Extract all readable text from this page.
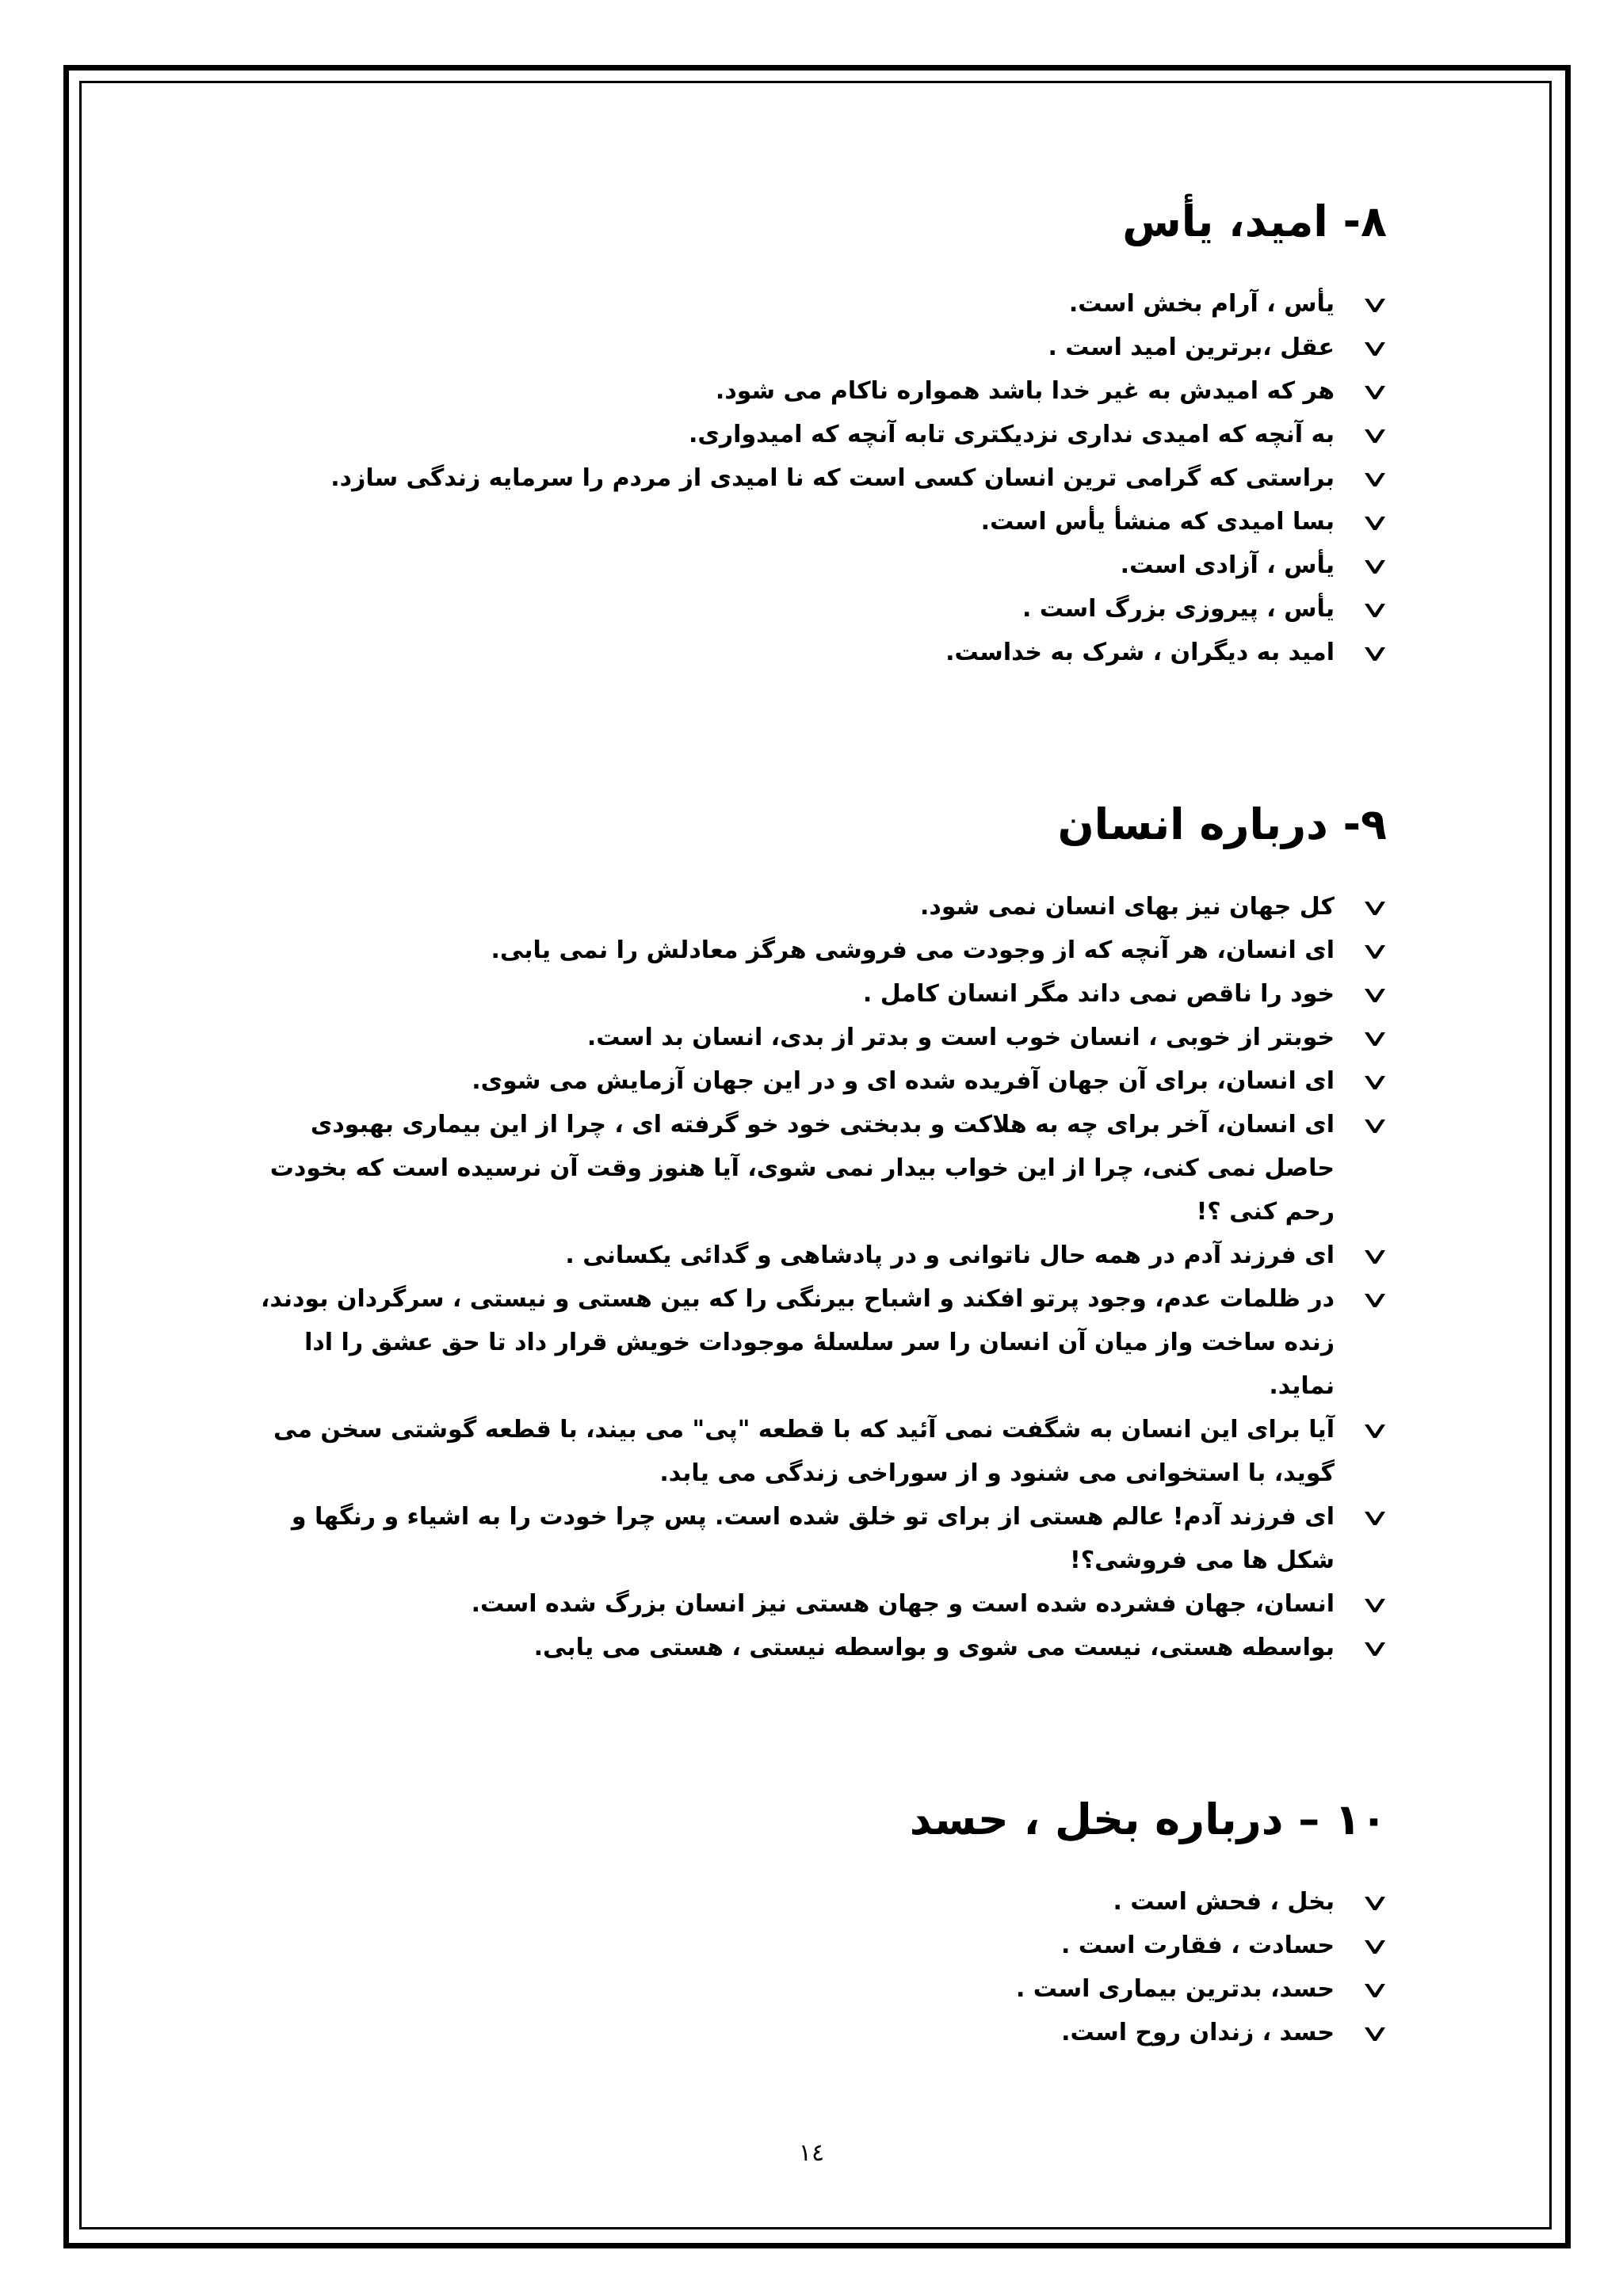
۸- امید، یأس
یأس ، آرام بخش است.
عقل ،برترین امید است .
هر که امیدش به غیر خدا باشد همواره ناکام می شود.
به آنچه که امیدی نداری نزدیکتری تابه آنچه که امیدواری.
براستی که گرامی ترین انسان کسی است که نا امیدی از مردم را سرمایه زندگی سازد.
بسا امیدی که منشأ یأس است.
یأس ، آزادی است.
یأس ، پیروزی بزرگ است .
امید به دیگران ، شرک به خداست.
۹- درباره انسان
کل جهان نیز بهای انسان نمی شود.
ای انسان، هر آنچه که از وجودت می فروشی هرگز معادلش را نمی یابی.
خود را ناقص نمی داند مگر انسان کامل .
خوبتر از خوبی ، انسان خوب است و بدتر از بدی، انسان بد است.
ای انسان، برای آن جهان آفریده شده ای و در این جهان آزمایش می شوی.
ای انسان، آخر برای چه به هلاکت و بدبختی خود خو گرفته ای ، چرا از این بیماری بهبودی حاصل نمی کنی، چرا از این خواب بیدار نمی شوی، آیا هنوز وقت آن نرسیده است که بخودت رحم کنی ؟!
ای فرزند آدم در همه حال ناتوانی و در پادشاهی و گدائی یکسانی .
در ظلمات عدم، وجود پرتو افکند و اشباح بیرنگی را که بین هستی و نیستی ، سرگردان بودند، زنده ساخت واز میان آن انسان را سر سلسلهٔ موجودات خویش قرار داد تا حق عشق را ادا نماید.
آیا برای این انسان به شگفت نمی آئید که با قطعه "پی" می بیند، با قطعه گوشتی سخن می گوید، با استخوانی می شنود و از سوراخی زندگی می یابد.
ای فرزند آدم! عالم هستی از برای تو خلق شده است. پس چرا خودت را به اشیاء و رنگها و شکل ها می فروشی؟!
انسان، جهان فشرده شده است و جهان هستی نیز انسان بزرگ شده است.
بواسطه هستی، نیست می شوی و بواسطه نیستی ، هستی می یابی.
۱۰ – درباره بخل ، حسد
بخل ، فحش است .
حسادت ، فقارت است .
حسد، بدترین بیماری است .
حسد ، زندان روح است.
۱٤
